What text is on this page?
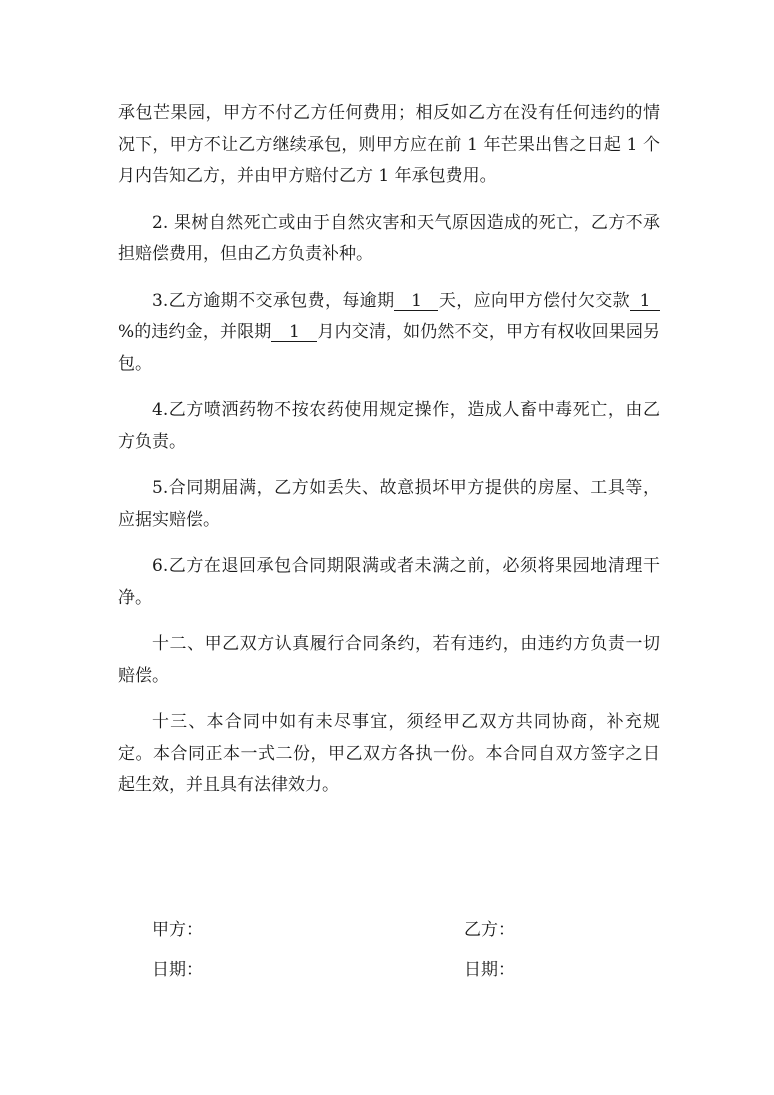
承包芒果园，甲方不付乙方任何费用；相反如乙方在没有任何违约的情况下，甲方不让乙方继续承包，则甲方应在前 1 年芒果出售之日起 1 个月内告知乙方，并由甲方赔付乙方 1 年承包费用。

2. 果树自然死亡或由于自然灾害和天气原因造成的死亡，乙方不承担赔偿费用，但由乙方负责补种。

3.乙方逾期不交承包费，每逾期 1 天，应向甲方偿付欠交款 1%的违约金，并限期 1 月内交清，如仍然不交，甲方有权收回果园另包。

4.乙方喷洒药物不按农药使用规定操作，造成人畜中毒死亡，由乙方负责。

5.合同期届满，乙方如丢失、故意损坏甲方提供的房屋、工具等，应据实赔偿。

6.乙方在退回承包合同期限满或者未满之前，必须将果园地清理干净。

十二、甲乙双方认真履行合同条约，若有违约，由违约方负责一切赔偿。

十三、本合同中如有未尽事宜，须经甲乙双方共同协商，补充规定。本合同正本一式二份，甲乙双方各执一份。本合同自双方签字之日起生效，并且具有法律效力。

甲方：	乙方：
日期：	日期：
